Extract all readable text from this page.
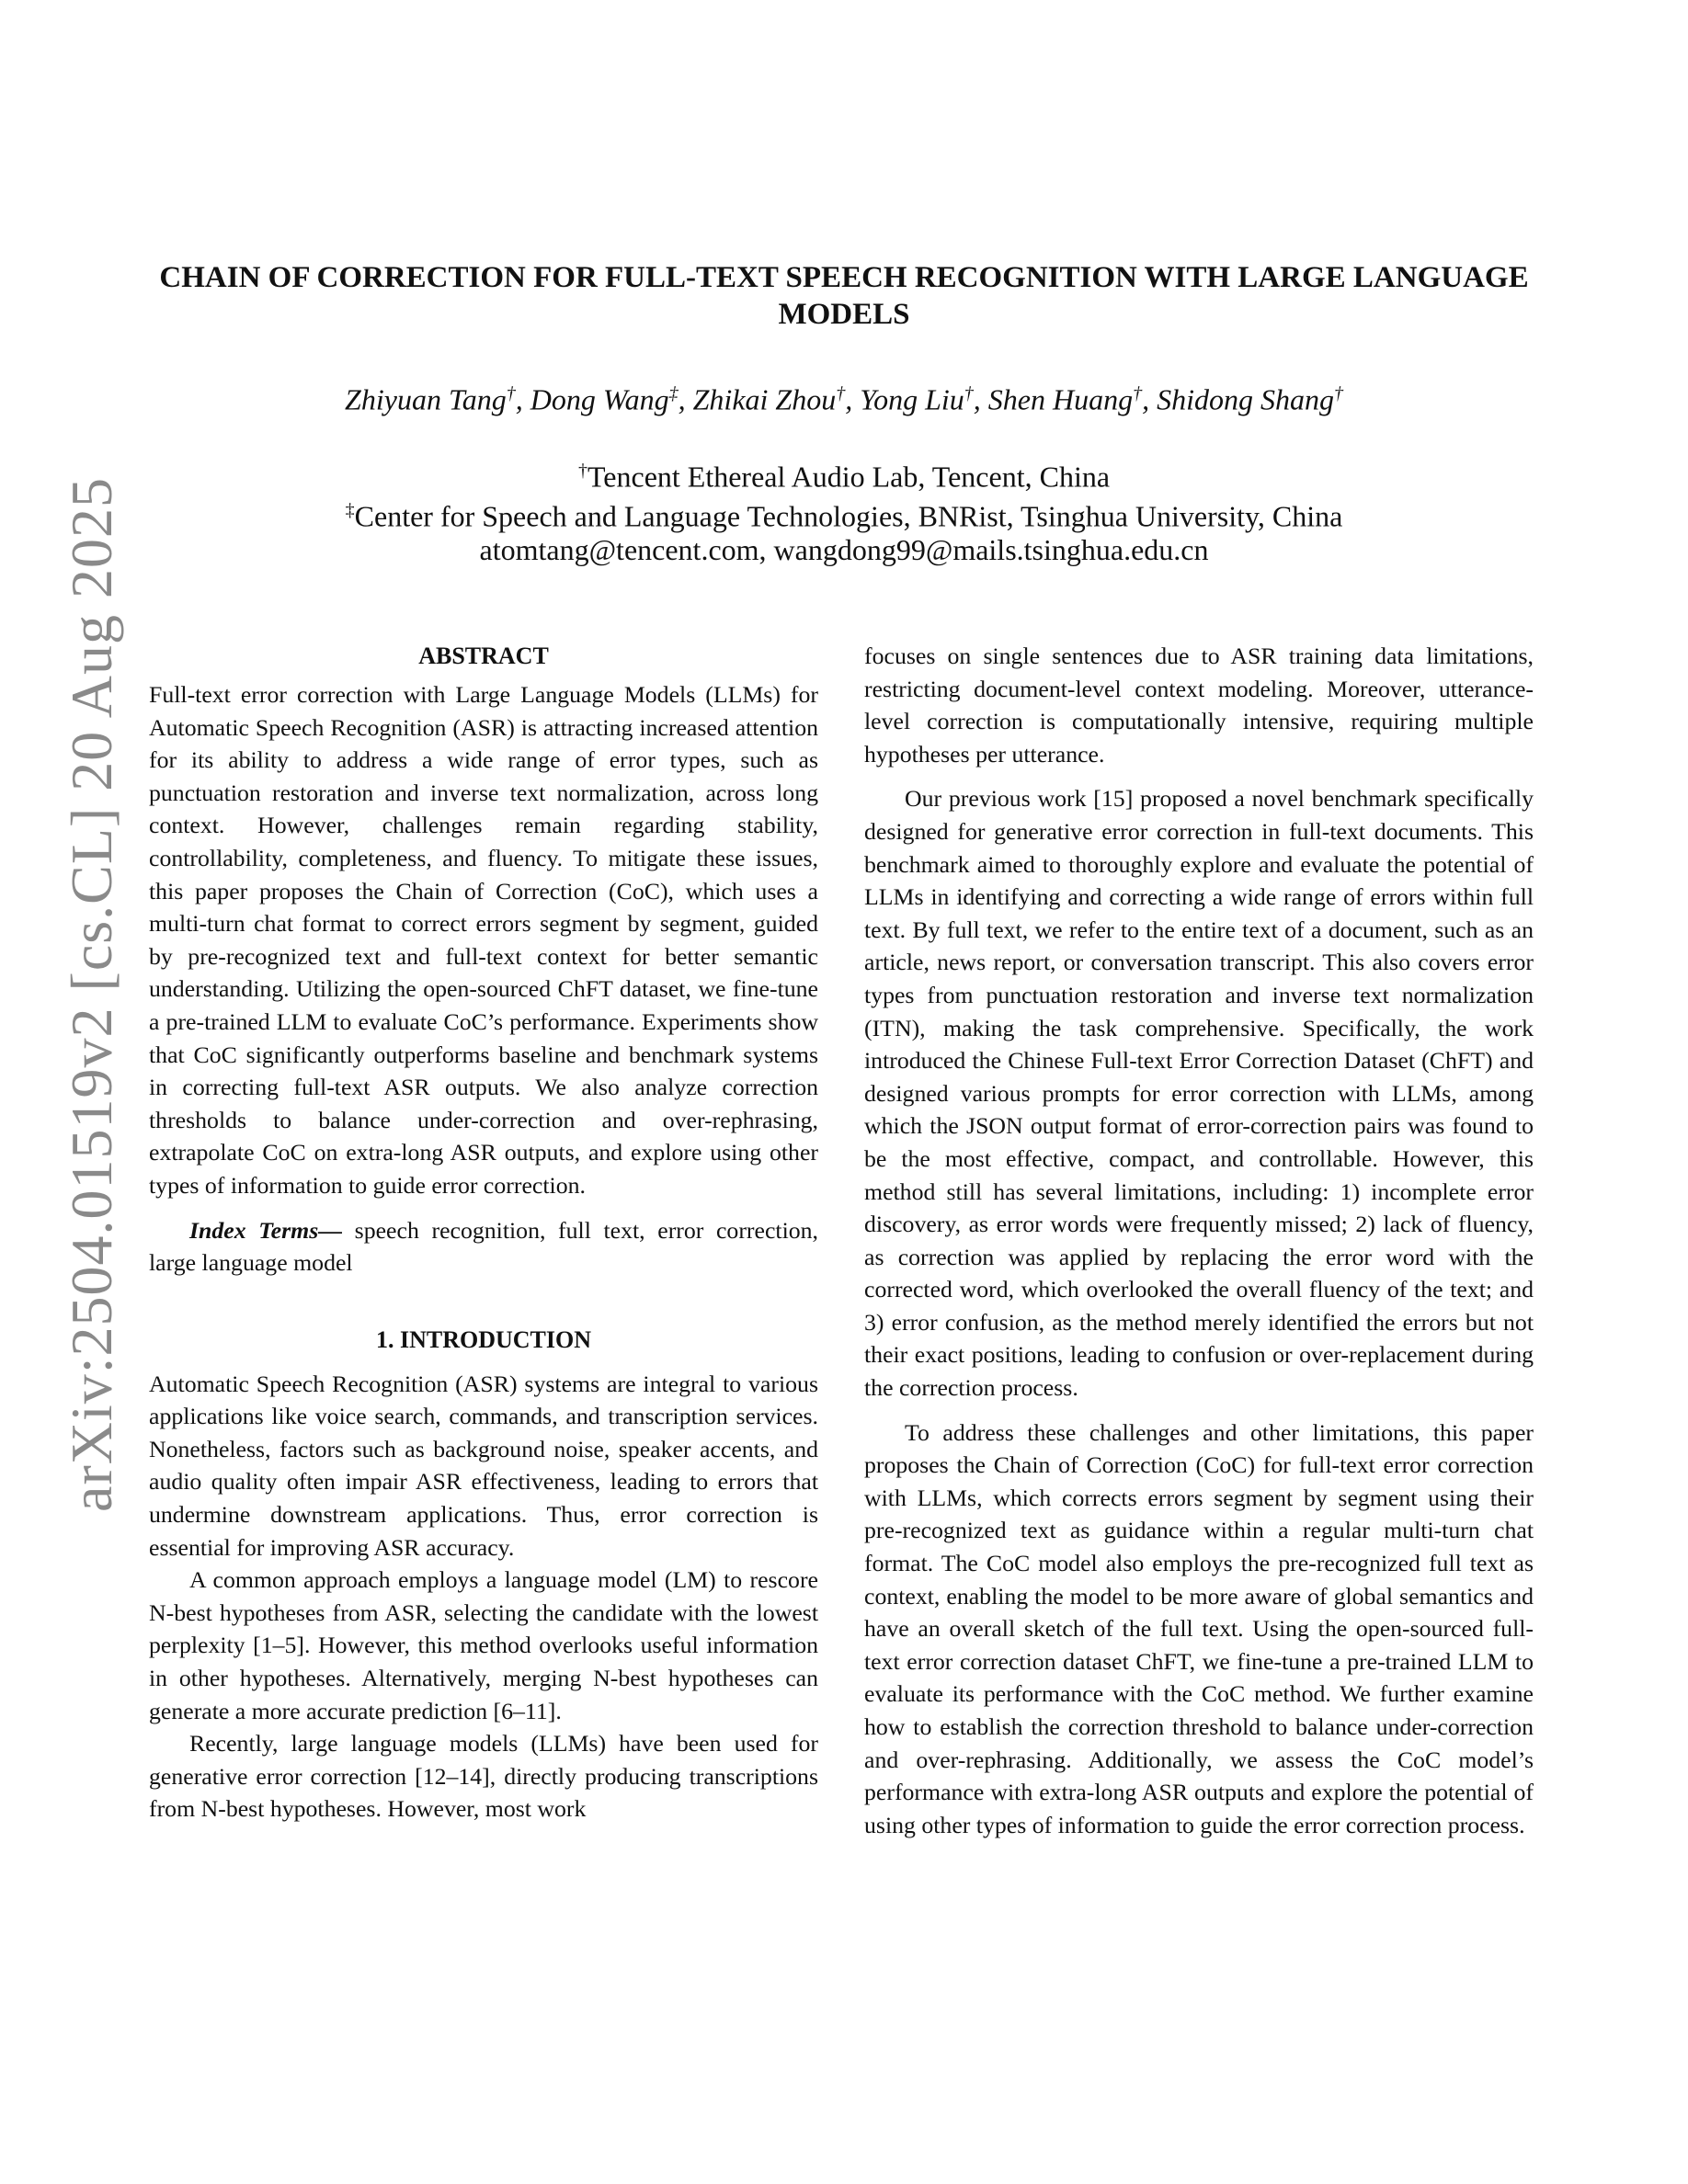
arXiv:2504.01519v2 [cs.CL] 20 Aug 2025
CHAIN OF CORRECTION FOR FULL-TEXT SPEECH RECOGNITION WITH LARGE LANGUAGE MODELS
Zhiyuan Tang†, Dong Wang‡, Zhikai Zhou†, Yong Liu†, Shen Huang†, Shidong Shang†
†Tencent Ethereal Audio Lab, Tencent, China
‡Center for Speech and Language Technologies, BNRist, Tsinghua University, China
atomtang@tencent.com, wangdong99@mails.tsinghua.edu.cn
ABSTRACT

Full-text error correction with Large Language Models (LLMs) for Automatic Speech Recognition (ASR) is attracting increased attention for its ability to address a wide range of error types, such as punctuation restoration and inverse text normalization, across long context. However, challenges remain regarding stability, controllability, completeness, and fluency. To mitigate these issues, this paper proposes the Chain of Correction (CoC), which uses a multi-turn chat format to correct errors segment by segment, guided by pre-recognized text and full-text context for better semantic understanding. Utilizing the open-sourced ChFT dataset, we fine-tune a pre-trained LLM to evaluate CoC’s performance. Experiments show that CoC significantly outperforms baseline and benchmark systems in correcting full-text ASR outputs. We also analyze correction thresholds to balance under-correction and over-rephrasing, extrapolate CoC on extra-long ASR outputs, and explore using other types of information to guide error correction.

Index Terms— speech recognition, full text, error correction, large language model

1. INTRODUCTION

Automatic Speech Recognition (ASR) systems are integral to various applications like voice search, commands, and transcription services. Nonetheless, factors such as background noise, speaker accents, and audio quality often impair ASR effectiveness, leading to errors that undermine downstream applications. Thus, error correction is essential for improving ASR accuracy.

A common approach employs a language model (LM) to rescore N-best hypotheses from ASR, selecting the candidate with the lowest perplexity [1–5]. However, this method overlooks useful information in other hypotheses. Alternatively, merging N-best hypotheses can generate a more accurate prediction [6–11].

Recently, large language models (LLMs) have been used for generative error correction [12–14], directly producing transcriptions from N-best hypotheses. However, most work

focuses on single sentences due to ASR training data limitations, restricting document-level context modeling. Moreover, utterance-level correction is computationally intensive, requiring multiple hypotheses per utterance.

Our previous work [15] proposed a novel benchmark specifically designed for generative error correction in full-text documents. This benchmark aimed to thoroughly explore and evaluate the potential of LLMs in identifying and correcting a wide range of errors within full text. By full text, we refer to the entire text of a document, such as an article, news report, or conversation transcript. This also covers error types from punctuation restoration and inverse text normalization (ITN), making the task comprehensive. Specifically, the work introduced the Chinese Full-text Error Correction Dataset (ChFT) and designed various prompts for error correction with LLMs, among which the JSON output format of error-correction pairs was found to be the most effective, compact, and controllable. However, this method still has several limitations, including: 1) incomplete error discovery, as error words were frequently missed; 2) lack of fluency, as correction was applied by replacing the error word with the corrected word, which overlooked the overall fluency of the text; and 3) error confusion, as the method merely identified the errors but not their exact positions, leading to confusion or over-replacement during the correction process.

To address these challenges and other limitations, this paper proposes the Chain of Correction (CoC) for full-text error correction with LLMs, which corrects errors segment by segment using their pre-recognized text as guidance within a regular multi-turn chat format. The CoC model also employs the pre-recognized full text as context, enabling the model to be more aware of global semantics and have an overall sketch of the full text. Using the open-sourced full-text error correction dataset ChFT, we fine-tune a pre-trained LLM to evaluate its performance with the CoC method. We further examine how to establish the correction threshold to balance under-correction and over-rephrasing. Additionally, we assess the CoC model’s performance with extra-long ASR outputs and explore the potential of using other types of information to guide the error correction process.
